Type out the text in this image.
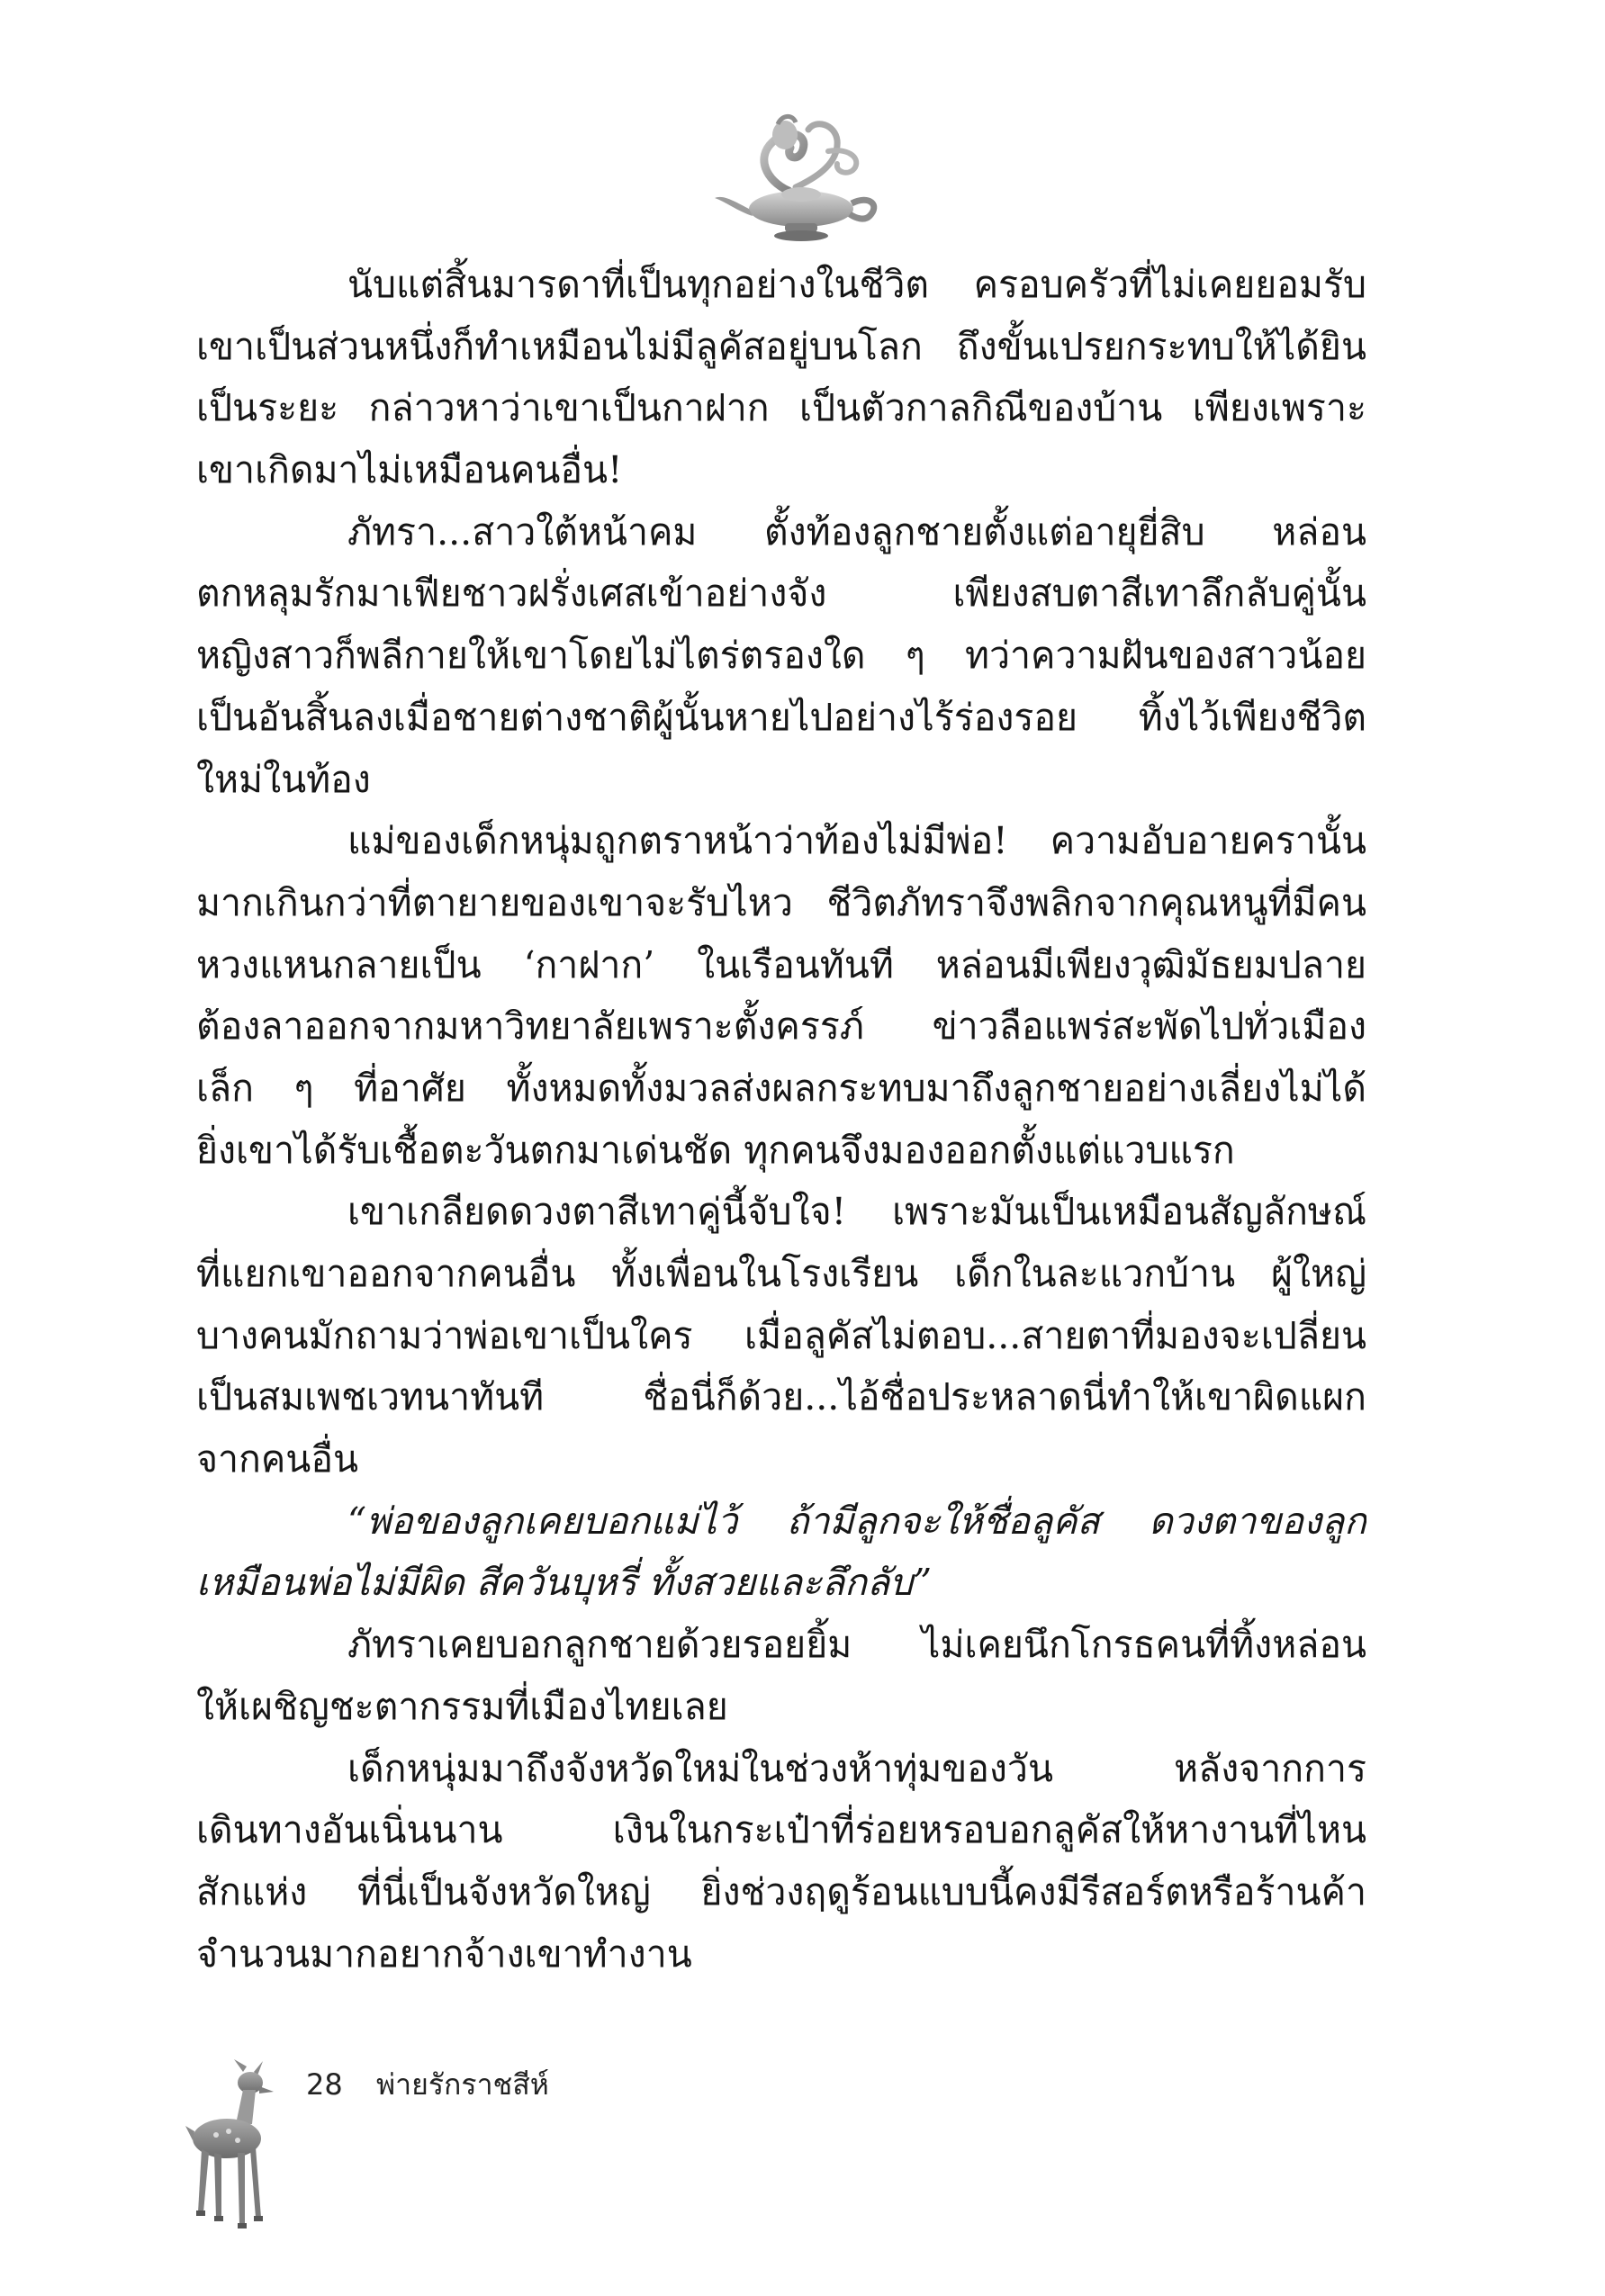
นับแต่สิ้นมารดาที่เป็นทุกอย่างในชีวิต ครอบครัวที่ไม่เคยยอมรับ
เขาเป็นส่วนหนึ่งก็ทำเหมือนไม่มีลูคัสอยู่บนโลก ถึงขั้นเปรยกระทบให้ได้ยิน
เป็นระยะ กล่าวหาว่าเขาเป็นกาฝาก เป็นตัวกาลกิณีของบ้าน เพียงเพราะ
เขาเกิดมาไม่เหมือนคนอื่น!
ภัทรา...สาวใต้หน้าคม ตั้งท้องลูกชายตั้งแต่อายุยี่สิบ หล่อน
ตกหลุมรักมาเฟียชาวฝรั่งเศสเข้าอย่างจัง เพียงสบตาสีเทาลึกลับคู่นั้น
หญิงสาวก็พลีกายให้เขาโดยไม่ไตร่ตรองใด ๆ ทว่าความฝันของสาวน้อย
เป็นอันสิ้นลงเมื่อชายต่างชาติผู้นั้นหายไปอย่างไร้ร่องรอย ทิ้งไว้เพียงชีวิต
ใหม่ในท้อง
แม่ของเด็กหนุ่มถูกตราหน้าว่าท้องไม่มีพ่อ! ความอับอายครานั้น
มากเกินกว่าที่ตายายของเขาจะรับไหว ชีวิตภัทราจึงพลิกจากคุณหนูที่มีคน
หวงแหนกลายเป็น ‘กาฝาก’ ในเรือนทันที หล่อนมีเพียงวุฒิมัธยมปลาย
ต้องลาออกจากมหาวิทยาลัยเพราะตั้งครรภ์ ข่าวลือแพร่สะพัดไปทั่วเมือง
เล็ก ๆ ที่อาศัย ทั้งหมดทั้งมวลส่งผลกระทบมาถึงลูกชายอย่างเลี่ยงไม่ได้
ยิ่งเขาได้รับเชื้อตะวันตกมาเด่นชัด ทุกคนจึงมองออกตั้งแต่แวบแรก
เขาเกลียดดวงตาสีเทาคู่นี้จับใจ! เพราะมันเป็นเหมือนสัญลักษณ์
ที่แยกเขาออกจากคนอื่น ทั้งเพื่อนในโรงเรียน เด็กในละแวกบ้าน ผู้ใหญ่
บางคนมักถามว่าพ่อเขาเป็นใคร เมื่อลูคัสไม่ตอบ...สายตาที่มองจะเปลี่ยน
เป็นสมเพชเวทนาทันที ชื่อนี่ก็ด้วย...ไอ้ชื่อประหลาดนี่ทำให้เขาผิดแผก
จากคนอื่น
“พ่อของลูกเคยบอกแม่ไว้ ถ้ามีลูกจะให้ชื่อลูคัส ดวงตาของลูก
เหมือนพ่อไม่มีผิด สีควันบุหรี่ ทั้งสวยและลึกลับ”
ภัทราเคยบอกลูกชายด้วยรอยยิ้ม ไม่เคยนึกโกรธคนที่ทิ้งหล่อน
ให้เผชิญชะตากรรมที่เมืองไทยเลย
เด็กหนุ่มมาถึงจังหวัดใหม่ในช่วงห้าทุ่มของวัน หลังจากการ
เดินทางอันเนิ่นนาน เงินในกระเป๋าที่ร่อยหรอบอกลูคัสให้หางานที่ไหน
สักแห่ง ที่นี่เป็นจังหวัดใหญ่ ยิ่งช่วงฤดูร้อนแบบนี้คงมีรีสอร์ตหรือร้านค้า
จำนวนมากอยากจ้างเขาทำงาน
28 พ่ายรักราชสีห์
